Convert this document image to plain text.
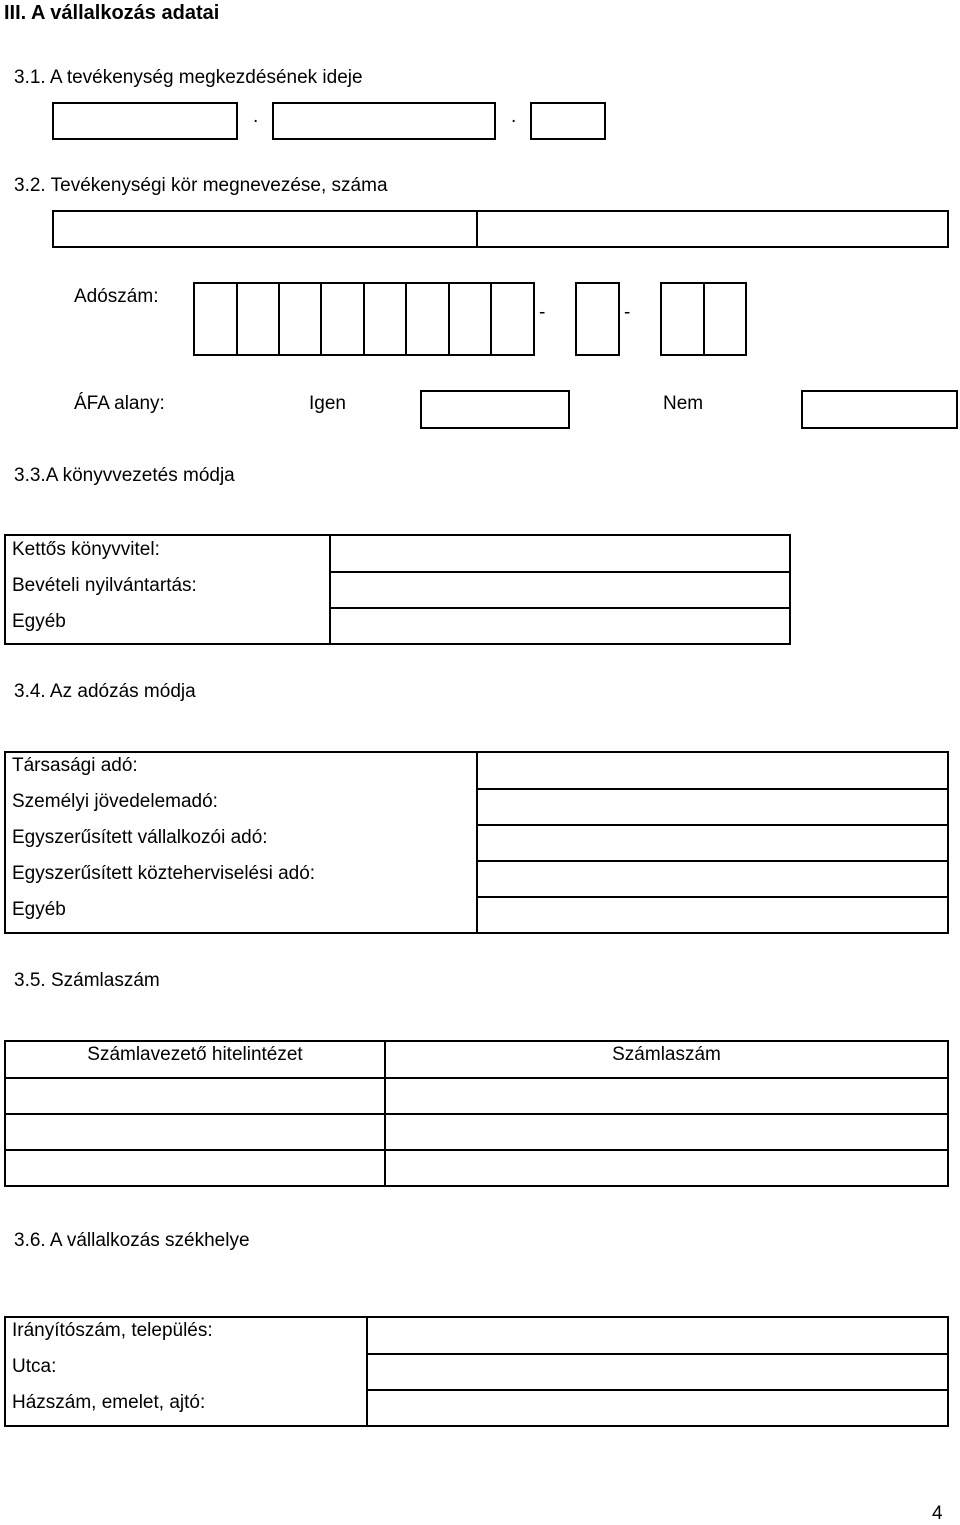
III. A vállalkozás adatai
3.1. A tevékenység megkezdésének ideje
.	.
3.2. Tevékenységi kör megnevezése, száma
Adószám:
-	-
ÁFA alany:	Igen	Nem
3.3.A könyvvezetés módja
Kettős könyvvitel:
Bevételi nyilvántartás:
Egyéb
3.4. Az adózás módja
Társasági adó:
Személyi jövedelemadó:
Egyszerűsített vállalkozói adó:
Egyszerűsített közteherviselési adó:
Egyéb
3.5. Számlaszám
Számlavezető hitelintézet	Számlaszám
3.6. A vállalkozás székhelye
Irányítószám, település:
Utca:
Házszám, emelet, ajtó:
4
